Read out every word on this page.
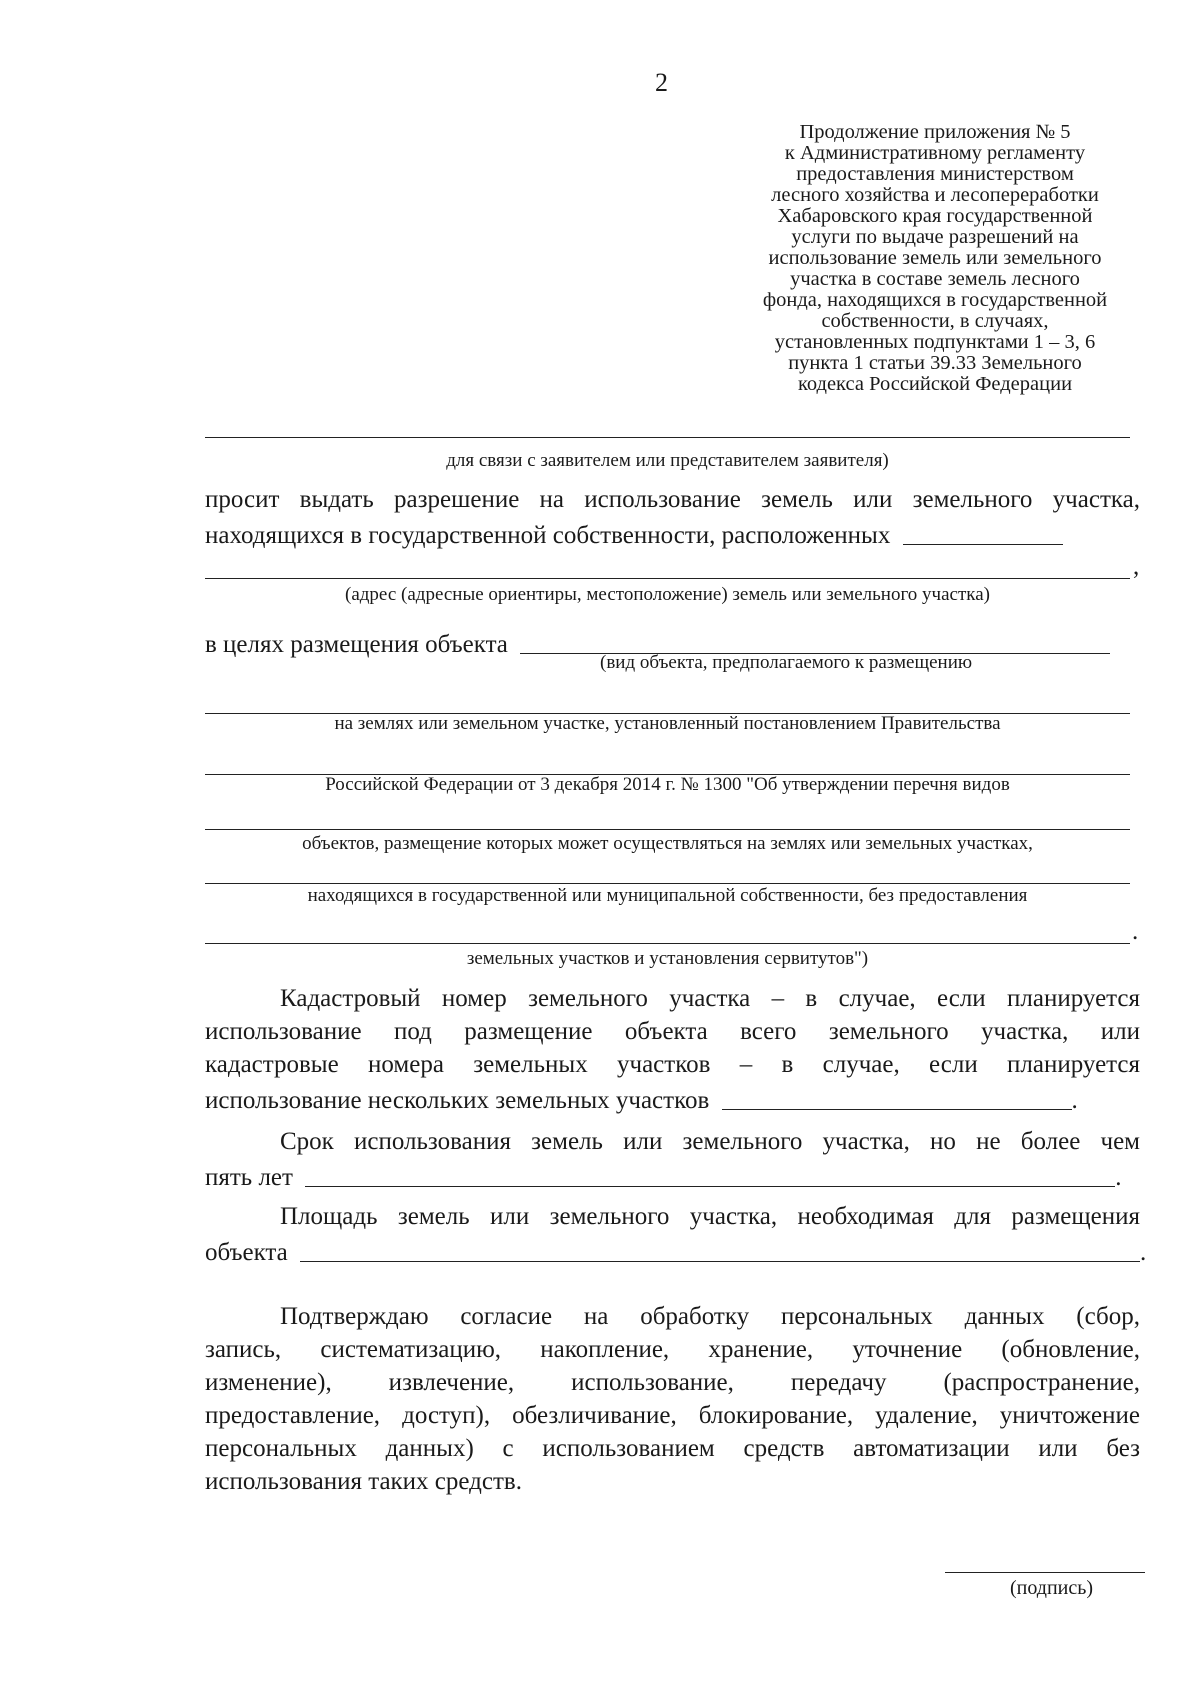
2
Продолжение приложения № 5
к Административному регламенту
предоставления министерством
лесного хозяйства и лесопереработки
Хабаровского края государственной
услуги по выдаче разрешений на
использование земель или земельного
участка в составе земель лесного
фонда, находящихся в государственной
собственности, в случаях,
установленных подпунктами 1 – 3, 6
пункта 1 статьи 39.33 Земельного
кодекса Российской Федерации
для связи с заявителем или представителем заявителя)
просит выдать разрешение на использование земель или земельного участка,
находящихся в государственной собственности, расположенных
,
(адрес (адресные ориентиры, местоположение) земель или земельного участка)
в целях размещения объекта
(вид объекта, предполагаемого к размещению
на землях или земельном участке, установленный постановлением Правительства
Российской Федерации от 3 декабря 2014 г. № 1300 "Об утверждении перечня видов
объектов, размещение которых может осуществляться на землях или земельных участках,
находящихся в государственной или муниципальной собственности, без предоставления
.
земельных участков и установления сервитутов")
Кадастровый номер земельного участка – в случае, если планируется
использование под размещение объекта всего земельного участка, или
кадастровые номера земельных участков – в случае, если планируется
использование нескольких земельных участков	.
Срок использования земель или земельного участка, но не более чем
пять лет	.
Площадь земель или земельного участка, необходимая для размещения
объекта	.
Подтверждаю согласие на обработку персональных данных (сбор,
запись, систематизацию, накопление, хранение, уточнение (обновление,
изменение), извлечение, использование, передачу (распространение,
предоставление, доступ), обезличивание, блокирование, удаление, уничтожение
персональных данных) с использованием средств автоматизации или без
использования таких средств.
(подпись)
